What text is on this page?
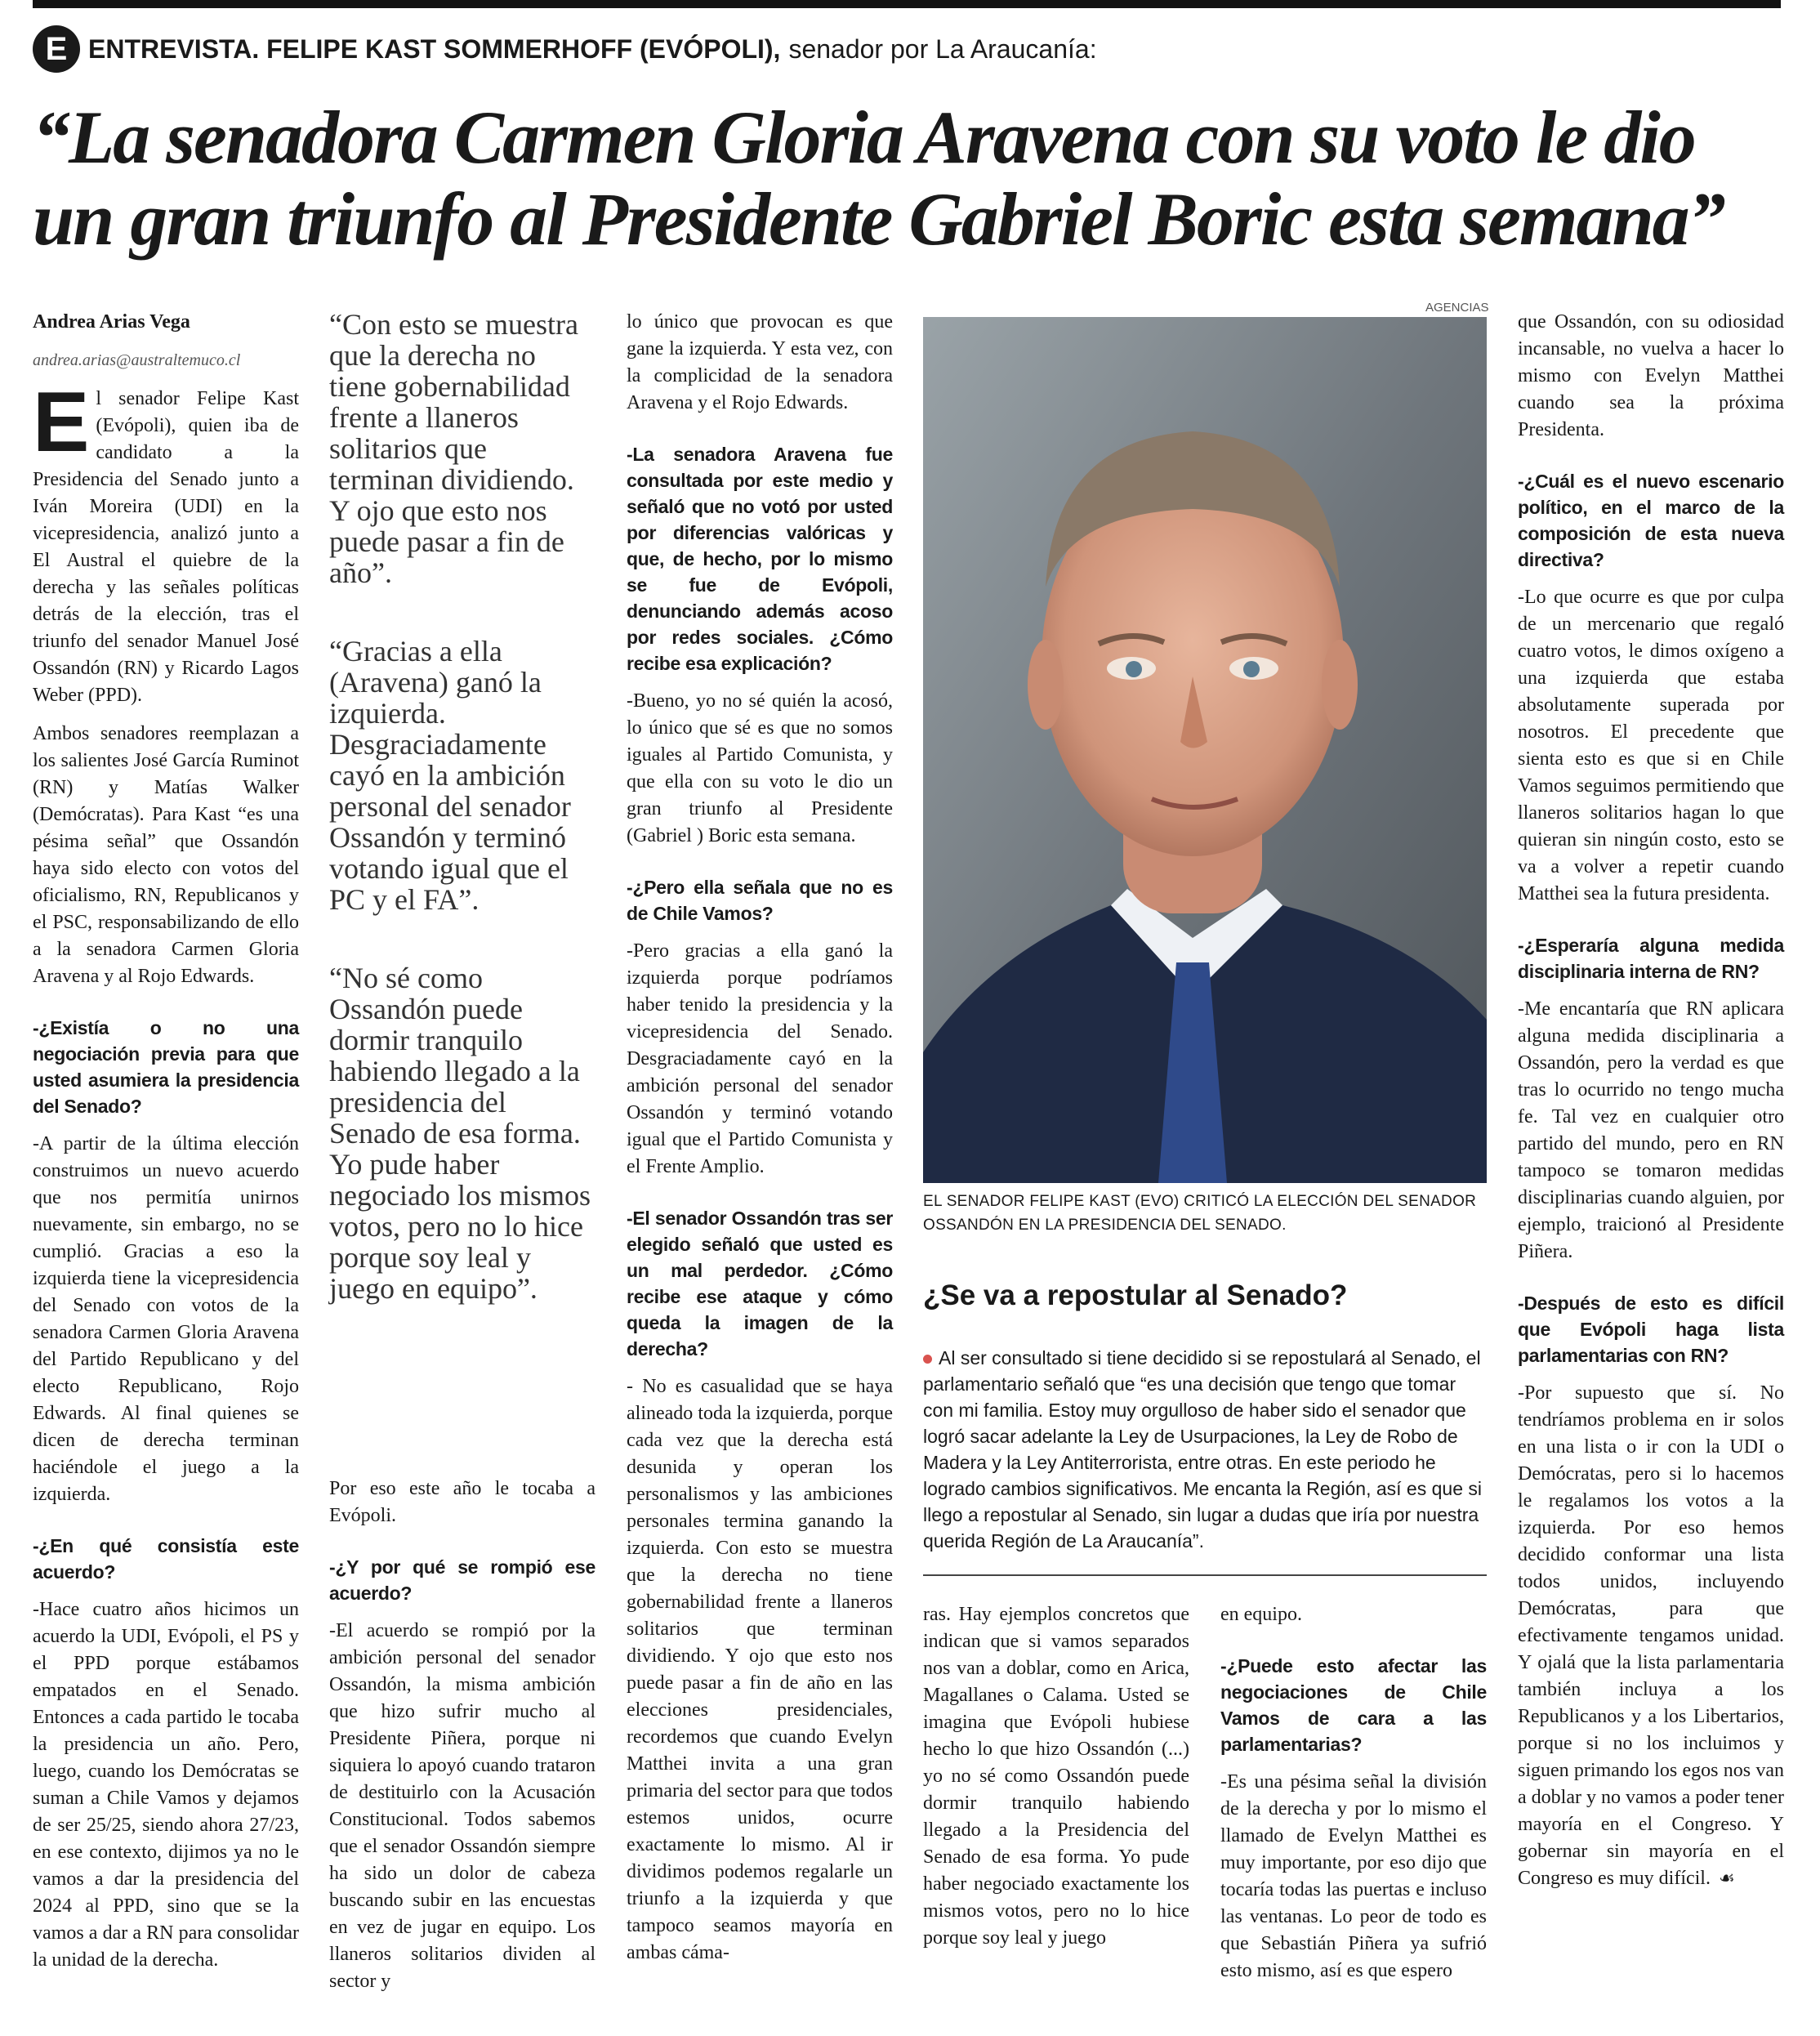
E ENTREVISTA. FELIPE KAST SOMMERHOFF (EVÓPOLI), senador por La Araucanía:
“La senadora Carmen Gloria Aravena con su voto le dio
un gran triunfo al Presidente Gabriel Boric esta semana”

Andrea Arias Vega

andrea.arias@australtemuco.cl

El senador Felipe Kast (Evópoli), quien iba de candidato a la Presidencia del Senado junto a Iván Moreira (UDI) en la vicepresidencia, analizó junto a El Austral el quiebre de la derecha y las señales políticas detrás de la elección, tras el triunfo del senador Manuel José Ossandón (RN) y Ricardo Lagos Weber (PPD).

Ambos senadores reemplazan a los salientes José García Ruminot (RN) y Matías Walker (Demócratas). Para Kast “es una pésima señal” que Ossandón haya sido electo con votos del oficialismo, RN, Republicanos y el PSC, responsabilizando de ello a la senadora Carmen Gloria Aravena y al Rojo Edwards.

-¿Existía o no una negociación previa para que usted asumiera la presidencia del Senado?

-A partir de la última elección construimos un nuevo acuerdo que nos permitía unirnos nuevamente, sin embargo, no se cumplió. Gracias a eso la izquierda tiene la vicepresidencia del Senado con votos de la senadora Carmen Gloria Aravena del Partido Republicano y del electo Republicano, Rojo Edwards. Al final quienes se dicen de derecha terminan haciéndole el juego a la izquierda.

-¿En qué consistía este acuerdo?

-Hace cuatro años hicimos un acuerdo la UDI, Evópoli, el PS y el PPD porque estábamos empatados en el Senado. Entonces a cada partido le tocaba la presidencia un año. Pero, luego, cuando los Demócratas se suman a Chile Vamos y dejamos de ser 25/25, siendo ahora 27/23, en ese contexto, dijimos ya no le vamos a dar la presidencia del 2024 al PPD, sino que se la vamos a dar a RN para consolidar la unidad de la derecha.

“Con esto se muestra que la derecha no tiene gobernabilidad frente a llaneros solitarios que terminan dividiendo. Y ojo que esto nos puede pasar a fin de año”.

“Gracias a ella (Aravena) ganó la izquierda. Desgraciadamente cayó en la ambición personal del senador Ossandón y terminó votando igual que el PC y el FA”.

“No sé como Ossandón puede dormir tranquilo habiendo llegado a la presidencia del Senado de esa forma. Yo pude haber negociado los mismos votos, pero no lo hice porque soy leal y juego en equipo”.

Por eso este año le tocaba a Evópoli.

-¿Y por qué se rompió ese acuerdo?

-El acuerdo se rompió por la ambición personal del senador Ossandón, la misma ambición que hizo sufrir mucho al Presidente Piñera, porque ni siquiera lo apoyó cuando trataron de destituirlo con la Acusación Constitucional. Todos sabemos que el senador Ossandón siempre ha sido un dolor de cabeza buscando subir en las encuestas en vez de jugar en equipo. Los llaneros solitarios dividen al sector y

lo único que provocan es que gane la izquierda. Y esta vez, con la complicidad de la senadora Aravena y el Rojo Edwards.

-La senadora Aravena fue consultada por este medio y señaló que no votó por usted por diferencias valóricas y que, de hecho, por lo mismo se fue de Evópoli, denunciando además acoso por redes sociales. ¿Cómo recibe esa explicación?

-Bueno, yo no sé quién la acosó, lo único que sé es que no somos iguales al Partido Comunista, y que ella con su voto le dio un gran triunfo al Presidente (Gabriel ) Boric esta semana.

-¿Pero ella señala que no es de Chile Vamos?

-Pero gracias a ella ganó la izquierda porque podríamos haber tenido la presidencia y la vicepresidencia del Senado. Desgraciadamente cayó en la ambición personal del senador Ossandón y terminó votando igual que el Partido Comunista y el Frente Amplio.

-El senador Ossandón tras ser elegido señaló que usted es un mal perdedor. ¿Cómo recibe ese ataque y cómo queda la imagen de la derecha?

- No es casualidad que se haya alineado toda la izquierda, porque cada vez que la derecha está desunida y operan los personalismos y las ambiciones personales termina ganando la izquierda. Con esto se muestra que la derecha no tiene gobernabilidad frente a llaneros solitarios que terminan dividiendo. Y ojo que esto nos puede pasar a fin de año en las elecciones presidenciales, recordemos que cuando Evelyn Matthei invita a una gran primaria del sector para que todos estemos unidos, ocurre exactamente lo mismo. Al ir dividimos podemos regalarle un triunfo a la izquierda y que tampoco seamos mayoría en ambas cáma-

AGENCIAS
EL SENADOR FELIPE KAST (EVO) CRITICÓ LA ELECCIÓN DEL SENADOR OSSANDÓN EN LA PRESIDENCIA DEL SENADO.
¿Se va a repostular al Senado?

Al ser consultado si tiene decidido si se repostulará al Senado, el parlamentario señaló que “es una decisión que tengo que tomar con mi familia. Estoy muy orgulloso de haber sido el senador que logró sacar adelante la Ley de Usurpaciones, la Ley de Robo de Madera y la Ley Antiterrorista, entre otras. En este periodo he logrado cambios significativos. Me encanta la Región, así es que si llego a repostular al Senado, sin lugar a dudas que iría por nuestra querida Región de La Araucanía”.

ras. Hay ejemplos concretos que indican que si vamos separados nos van a doblar, como en Arica, Magallanes o Calama. Usted se imagina que Evópoli hubiese hecho lo que hizo Ossandón (...) yo no sé como Ossandón puede dormir tranquilo habiendo llegado a la Presidencia del Senado de esa forma. Yo pude haber negociado exactamente los mismos votos, pero no lo hice porque soy leal y juego

en equipo.

-¿Puede esto afectar las negociaciones de Chile Vamos de cara a las parlamentarias?

-Es una pésima señal la división de la derecha y por lo mismo el llamado de Evelyn Matthei es muy importante, por eso dijo que tocaría todas las puertas e incluso las ventanas. Lo peor de todo es que Sebastián Piñera ya sufrió esto mismo, así es que espero

que Ossandón, con su odiosidad incansable, no vuelva a hacer lo mismo con Evelyn Matthei cuando sea la próxima Presidenta.

-¿Cuál es el nuevo escenario político, en el marco de la composición de esta nueva directiva?

-Lo que ocurre es que por culpa de un mercenario que regaló cuatro votos, le dimos oxígeno a una izquierda que estaba absolutamente superada por nosotros. El precedente que sienta esto es que si en Chile Vamos seguimos permitiendo que llaneros solitarios hagan lo que quieran sin ningún costo, esto se va a volver a repetir cuando Matthei sea la futura presidenta.

-¿Esperaría alguna medida disciplinaria interna de RN?

-Me encantaría que RN aplicara alguna medida disciplinaria a Ossandón, pero la verdad es que tras lo ocurrido no tengo mucha fe. Tal vez en cualquier otro partido del mundo, pero en RN tampoco se tomaron medidas disciplinarias cuando alguien, por ejemplo, traicionó al Presidente Piñera.

-Después de esto es difícil que Evópoli haga lista parlamentarias con RN?

-Por supuesto que sí. No tendríamos problema en ir solos en una lista o ir con la UDI o Demócratas, pero si lo hacemos le regalamos los votos a la izquierda. Por eso hemos decidido conformar una lista todos unidos, incluyendo Demócratas, para que efectivamente tengamos unidad. Y ojalá que la lista parlamentaria también incluya a los Republicanos y a los Libertarios, porque si no los incluimos y siguen primando los egos nos van a doblar y no vamos a poder tener mayoría en el Congreso. Y gobernar sin mayoría en el Congreso es muy difícil. ☙
